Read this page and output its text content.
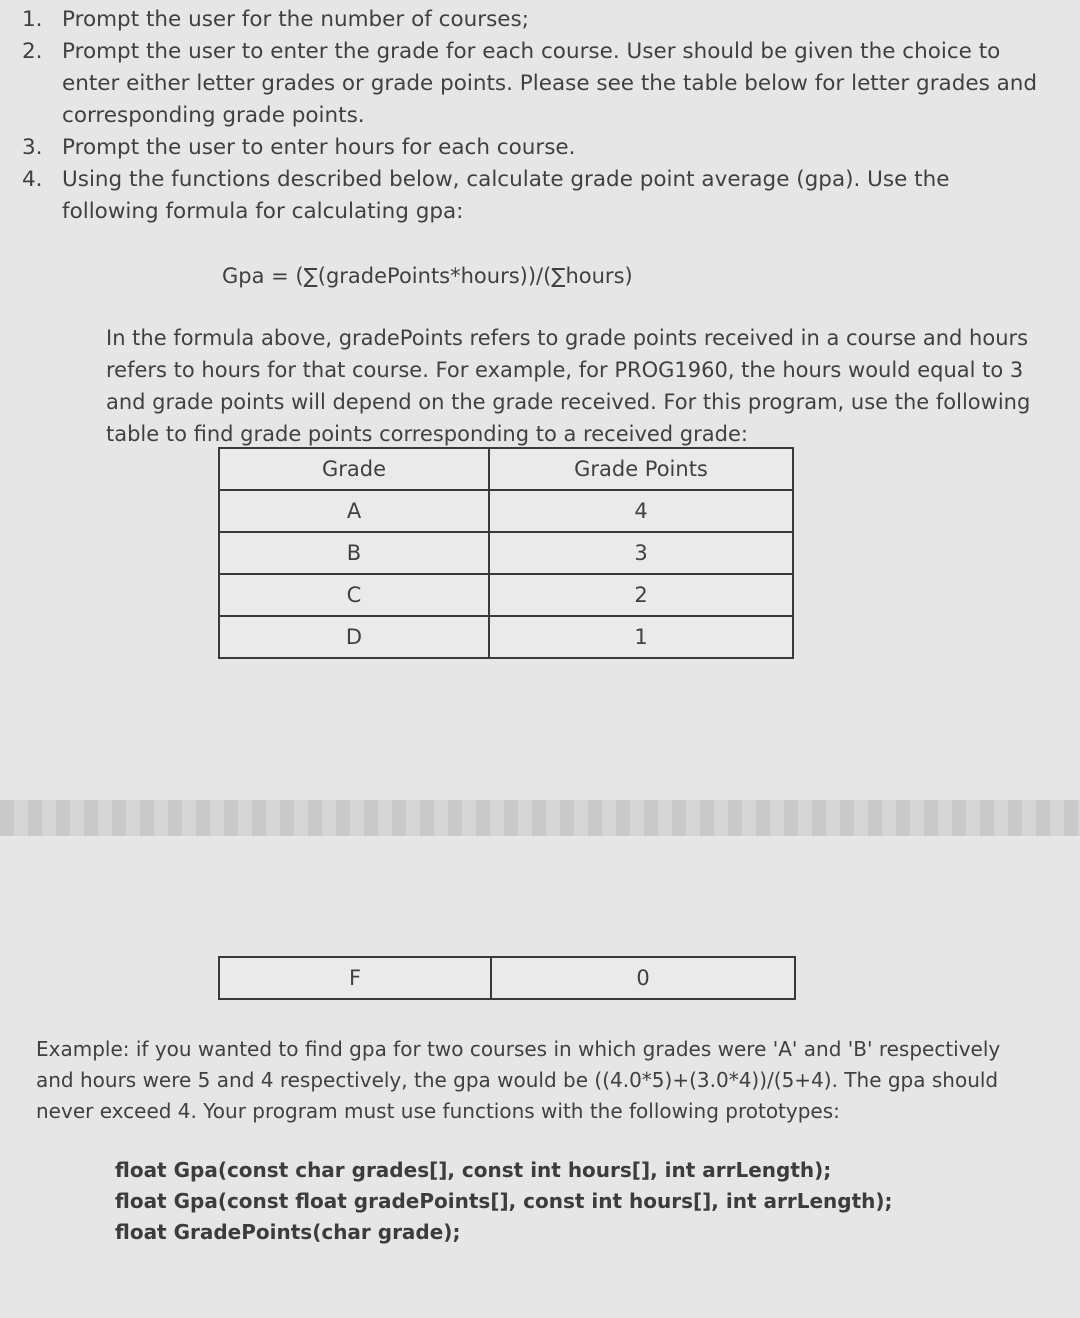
1. Prompt the user for the number of courses;
2. Prompt the user to enter the grade for each course. User should be given the choice to enter either letter grades or grade points. Please see the table below for letter grades and corresponding grade points.
3. Prompt the user to enter hours for each course.
4. Using the functions described below, calculate grade point average (gpa). Use the following formula for calculating gpa:
Gpa = (∑(gradePoints*hours))/(∑hours)
In the formula above, gradePoints refers to grade points received in a course and hours refers to hours for that course. For example, for PROG1960, the hours would equal to 3 and grade points will depend on the grade received. For this program, use the following table to find grade points corresponding to a received grade:
Grade	Grade Points
A	4
B	3
C	2
D	1
F	0
Example: if you wanted to find gpa for two courses in which grades were 'A' and 'B' respectively and hours were 5 and 4 respectively, the gpa would be ((4.0*5)+(3.0*4))/(5+4). The gpa should never exceed 4. Your program must use functions with the following prototypes:
float Gpa(const char grades[], const int hours[], int arrLength);
float Gpa(const float gradePoints[], const int hours[], int arrLength);
float GradePoints(char grade);
